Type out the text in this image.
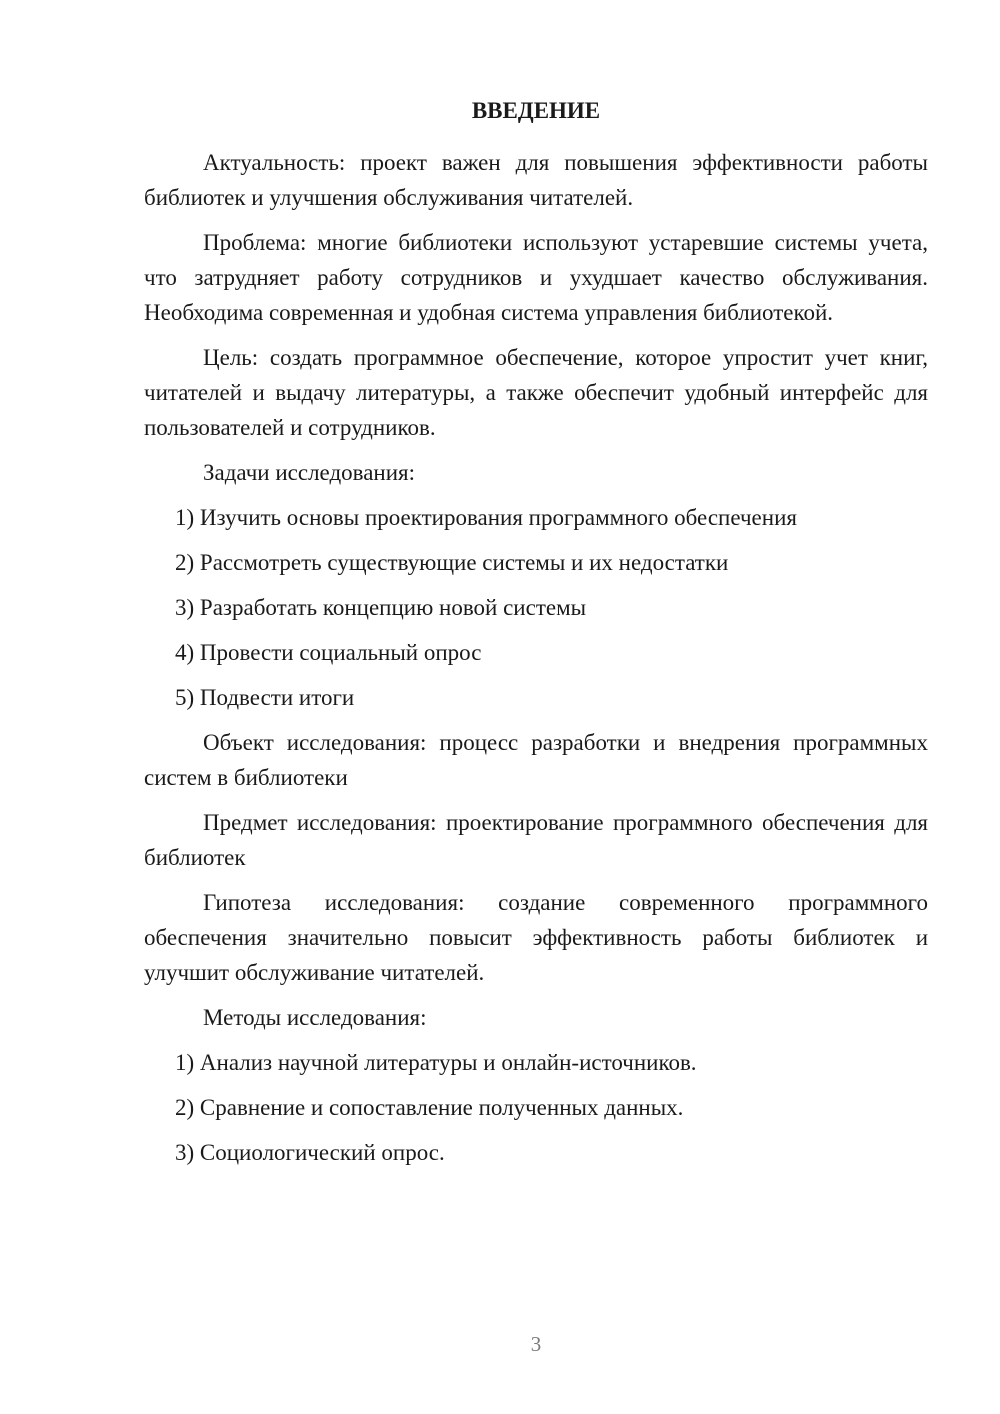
ВВЕДЕНИЕ

Актуальность: проект важен для повышения эффективности работы библиотек и улучшения обслуживания читателей.

Проблема: многие библиотеки используют устаревшие системы учета, что затрудняет работу сотрудников и ухудшает качество обслуживания. Необходима современная и удобная система управления библиотекой.

Цель: создать программное обеспечение, которое упростит учет книг, читателей и выдачу литературы, а также обеспечит удобный интерфейс для пользователей и сотрудников.

Задачи исследования:

1) Изучить основы проектирования программного обеспечения

2) Рассмотреть существующие системы и их недостатки

3) Разработать концепцию новой системы

4) Провести социальный опрос

5) Подвести итоги

Объект исследования: процесс разработки и внедрения программных систем в библиотеки

Предмет исследования: проектирование программного обеспечения для библиотек

Гипотеза исследования: создание современного программного обеспечения значительно повысит эффективность работы библиотек и улучшит обслуживание читателей.

Методы исследования:

1) Анализ научной литературы и онлайн-источников.

2) Сравнение и сопоставление полученных данных.

3) Социологический опрос.

3
